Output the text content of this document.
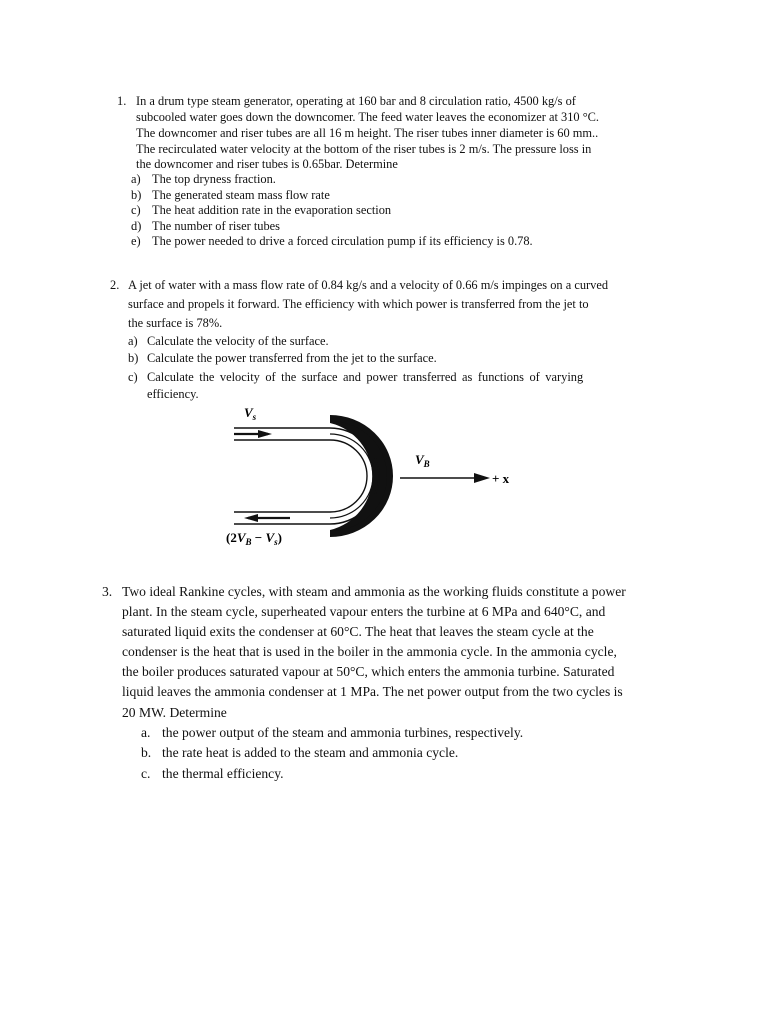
1. In a drum type steam generator, operating at 160 bar and 8 circulation ratio, 4500 kg/s of
subcooled water goes down the downcomer. The feed water leaves the economizer at 310 °C.
The downcomer and riser tubes are all 16 m height. The riser tubes inner diameter is 60 mm..
The recirculated water velocity at the bottom of the riser tubes is 2 m/s. The pressure loss in
the downcomer and riser tubes is 0.65bar. Determine
a) The top dryness fraction.
b) The generated steam mass flow rate
c) The heat addition rate in the evaporation section
d) The number of riser tubes
e) The power needed to drive a forced circulation pump if its efficiency is 0.78.
2. A jet of water with a mass flow rate of 0.84 kg/s and a velocity of 0.66 m/s impinges on a curved
surface and propels it forward. The efficiency with which power is transferred from the jet to
the surface is 78%.
a) Calculate the velocity of the surface.
b) Calculate the power transferred from the jet to the surface.
c) Calculate the velocity of the surface and power transferred as functions of varying
efficiency.
$V_s$
$V_B$
+ x
$(2V_B - V_s)$
3. Two ideal Rankine cycles, with steam and ammonia as the working fluids constitute a power
plant. In the steam cycle, superheated vapour enters the turbine at 6 MPa and 640°C, and
saturated liquid exits the condenser at 60°C. The heat that leaves the steam cycle at the
condenser is the heat that is used in the boiler in the ammonia cycle. In the ammonia cycle,
the boiler produces saturated vapour at 50°C, which enters the ammonia turbine. Saturated
liquid leaves the ammonia condenser at 1 MPa. The net power output from the two cycles is
20 MW. Determine
a. the power output of the steam and ammonia turbines, respectively.
b. the rate heat is added to the steam and ammonia cycle.
c. the thermal efficiency.
